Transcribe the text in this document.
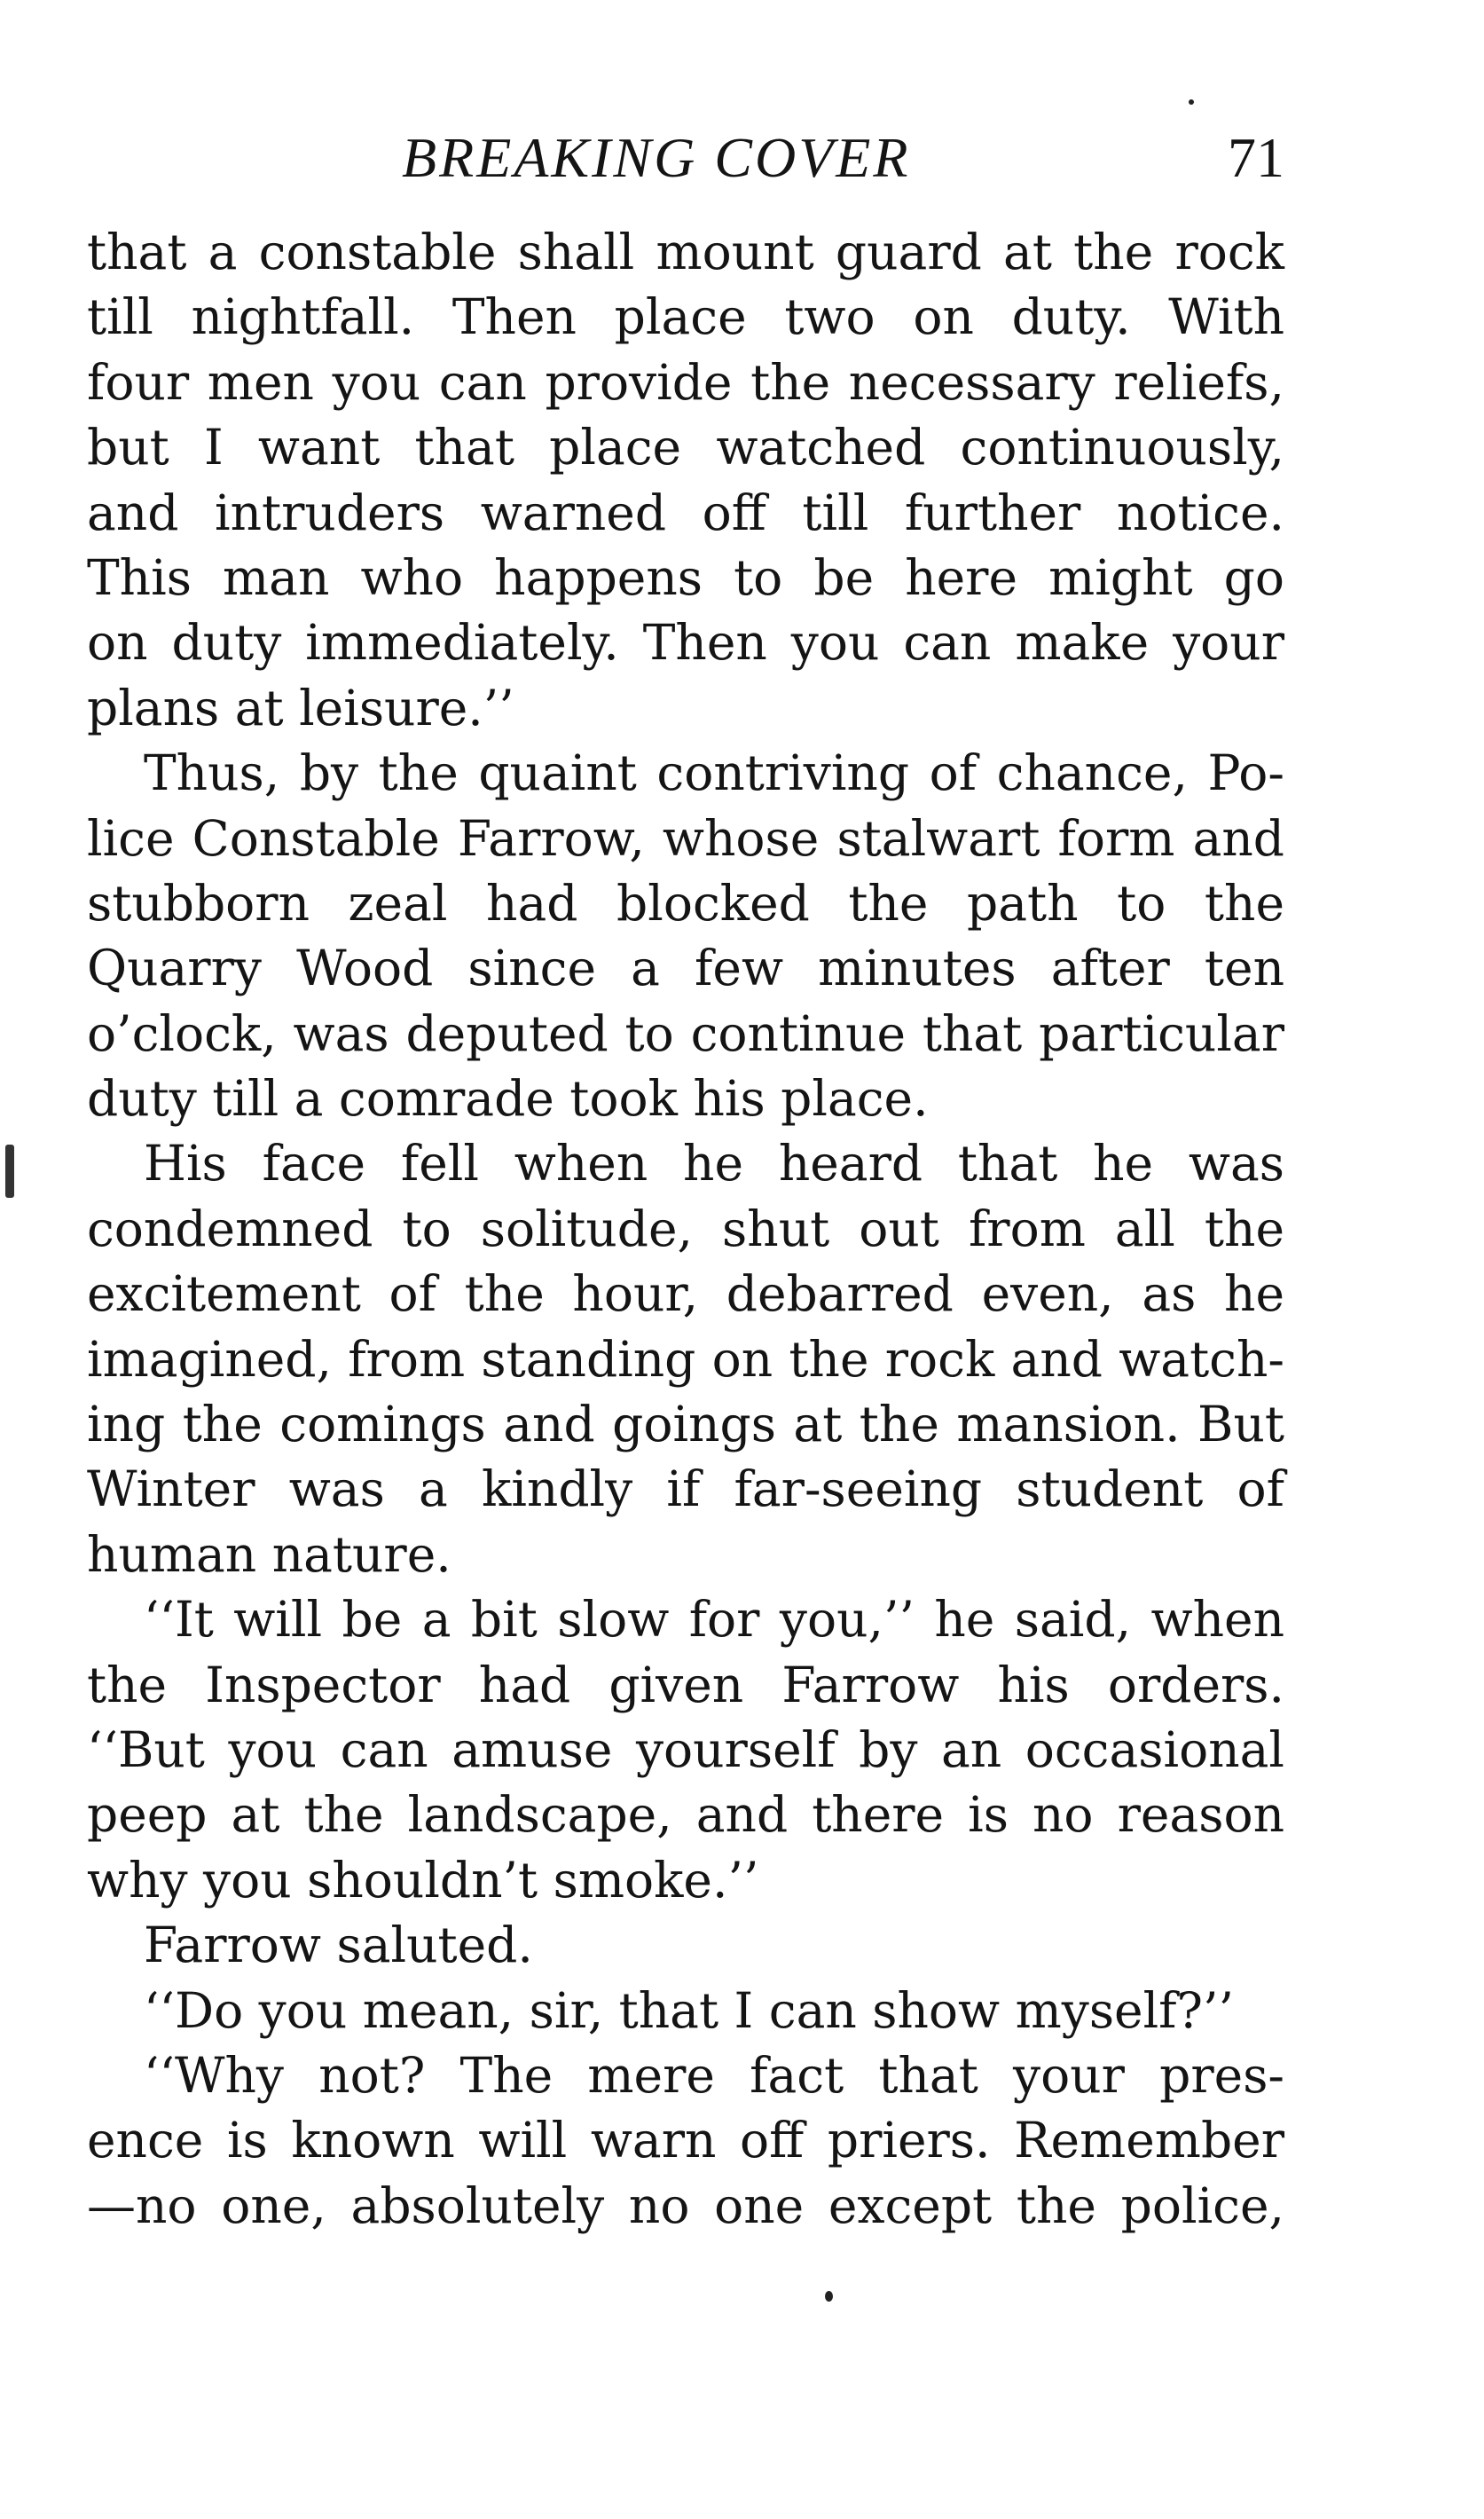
BREAKING COVER	71
that a constable shall mount guard at the rock
till nightfall. Then place two on duty. With
four men you can provide the necessary reliefs,
but I want that place watched continuously,
and intruders warned off till further notice.
This man who happens to be here might go
on duty immediately. Then you can make your
plans at leisure.’’
Thus, by the quaint contriving of chance, Po-
lice Constable Farrow, whose stalwart form and
stubborn zeal had blocked the path to the
Quarry Wood since a few minutes after ten
o’clock, was deputed to continue that particular
duty till a comrade took his place.
His face fell when he heard that he was
condemned to solitude, shut out from all the
excitement of the hour, debarred even, as he
imagined, from standing on the rock and watch-
ing the comings and goings at the mansion. But
Winter was a kindly if far-seeing student of
human nature.
‘‘It will be a bit slow for you,’’ he said, when
the Inspector had given Farrow his orders.
‘‘But you can amuse yourself by an occasional
peep at the landscape, and there is no reason
why you shouldn’t smoke.’’
Farrow saluted.
‘‘Do you mean, sir, that I can show myself?’’
‘‘Why not? The mere fact that your pres-
ence is known will warn off priers. Remember
—no one, absolutely no one except the police,
